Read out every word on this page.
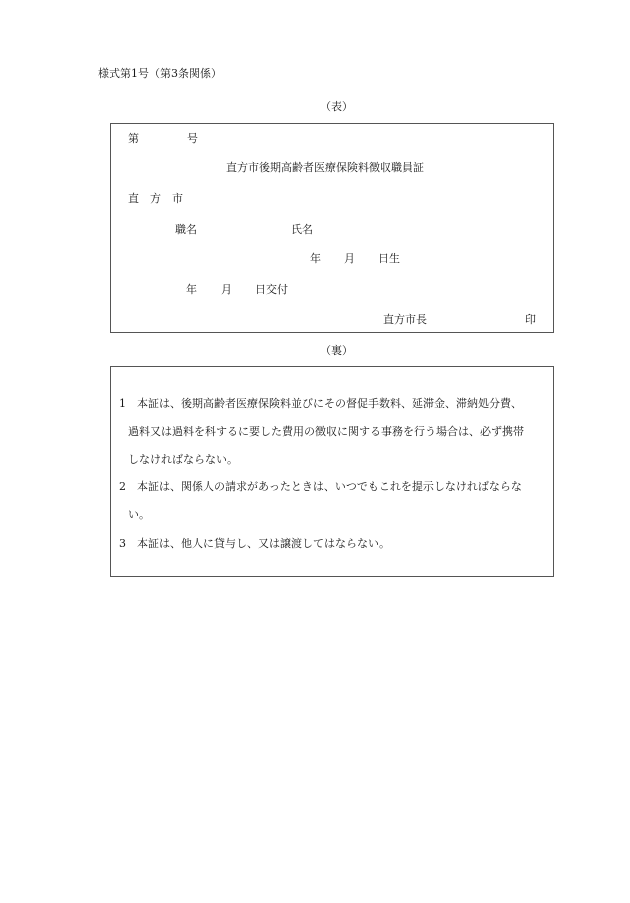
様式第1号（第3条関係）
（表）
第	号
直方市後期高齢者医療保険料徴収職員証
直方市
職名	氏名
年 月 日生
年 月 日交付
直方市長	印
（裏）
1 本証は、後期高齢者医療保険料並びにその督促手数料、延滞金、滞納処分費、
過料又は過料を科するに要した費用の徴収に関する事務を行う場合は、必ず携帯
しなければならない。
2 本証は、関係人の請求があったときは、いつでもこれを提示しなければならな
い。
3 本証は、他人に貸与し、又は譲渡してはならない。
